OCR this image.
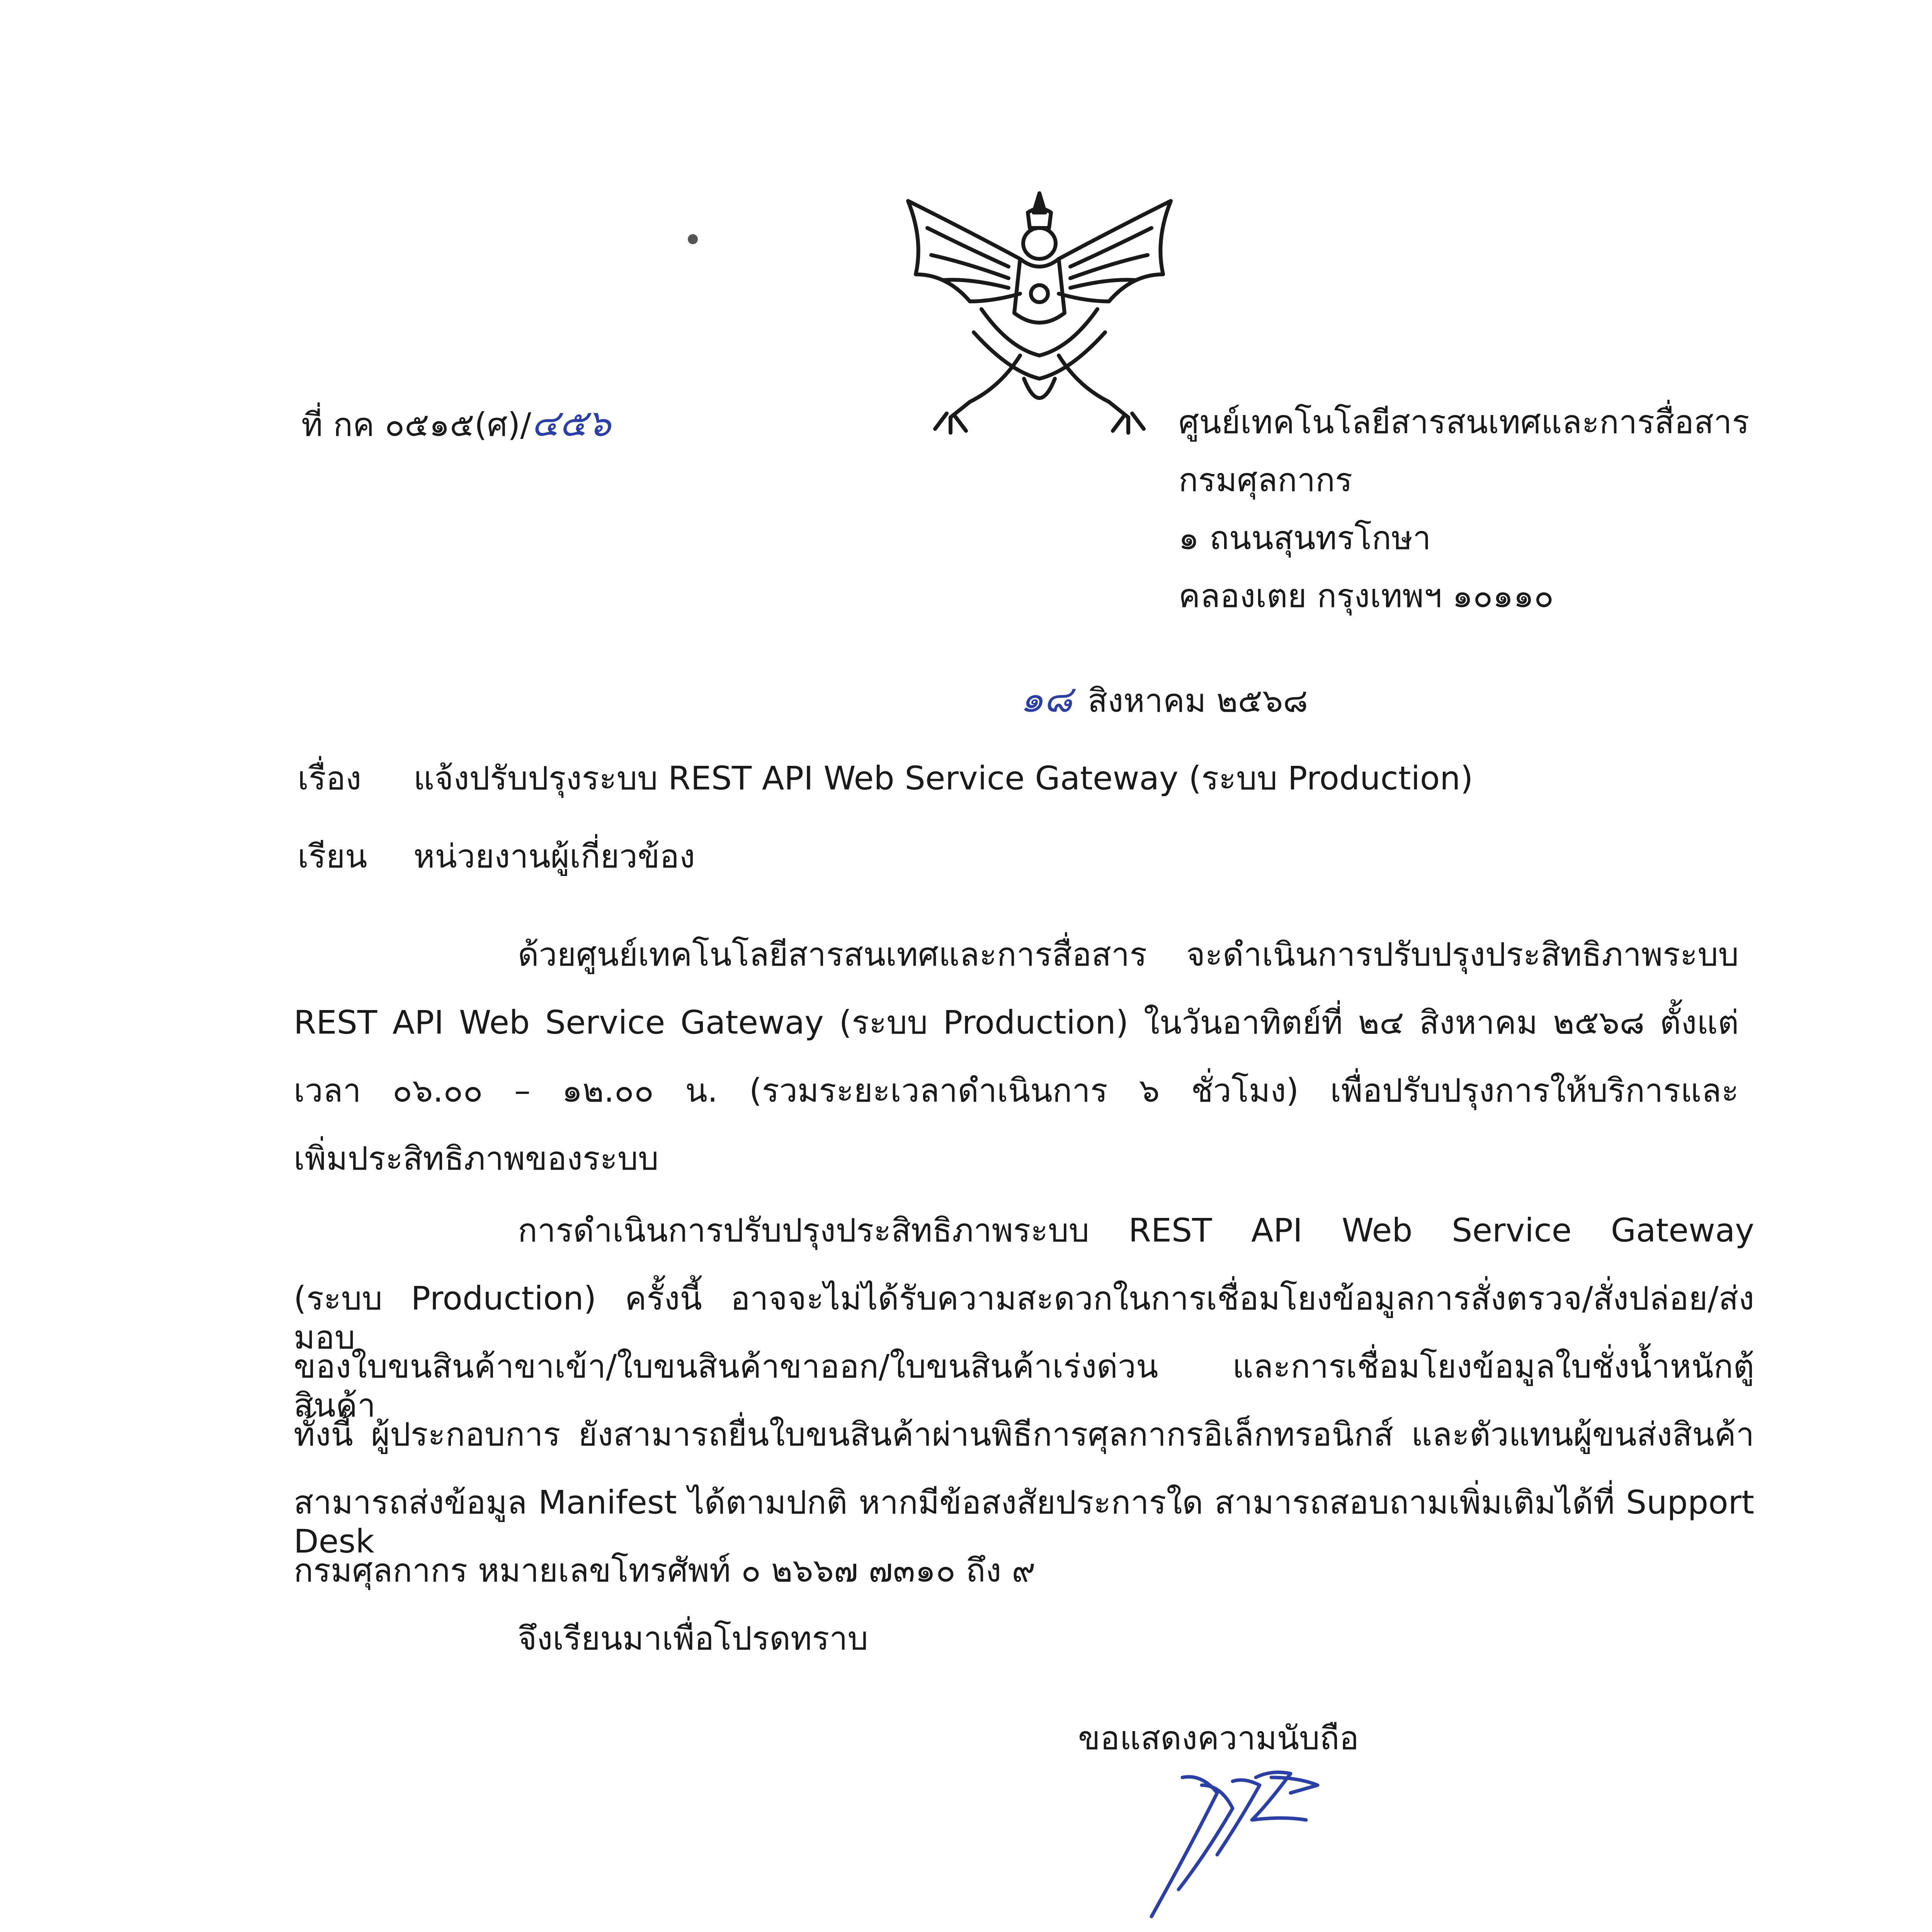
ที่ กค ๐๕๑๕(ศ)/๔๕๖	ศูนย์เทคโนโลยีสารสนเทศและการสื่อสาร
กรมศุลกากร
๑ ถนนสุนทรโกษา
คลองเตย กรุงเทพฯ ๑๐๑๑๐
๑๘ สิงหาคม ๒๕๖๘
เรื่อง แจ้งปรับปรุงระบบ REST API Web Service Gateway (ระบบ Production)
เรียน หน่วยงานผู้เกี่ยวข้อง
ด้วยศูนย์เทคโนโลยีสารสนเทศและการสื่อสาร จะดำเนินการปรับปรุงประสิทธิภาพระบบ
REST API Web Service Gateway (ระบบ Production) ในวันอาทิตย์ที่ ๒๔ สิงหาคม ๒๕๖๘ ตั้งแต่
เวลา ๐๖.๐๐ – ๑๒.๐๐ น. (รวมระยะเวลาดำเนินการ ๖ ชั่วโมง) เพื่อปรับปรุงการให้บริการและ
เพิ่มประสิทธิภาพของระบบ
การดำเนินการปรับปรุงประสิทธิภาพระบบ REST API Web Service Gateway
(ระบบ Production) ครั้งนี้ อาจจะไม่ได้รับความสะดวกในการเชื่อมโยงข้อมูลการสั่งตรวจ/สั่งปล่อย/ส่งมอบ
ของใบขนสินค้าขาเข้า/ใบขนสินค้าขาออก/ใบขนสินค้าเร่งด่วน และการเชื่อมโยงข้อมูลใบชั่งน้ำหนักตู้สินค้า
ทั้งนี้ ผู้ประกอบการ ยังสามารถยื่นใบขนสินค้าผ่านพิธีการศุลกากรอิเล็กทรอนิกส์ และตัวแทนผู้ขนส่งสินค้า
สามารถส่งข้อมูล Manifest ได้ตามปกติ หากมีข้อสงสัยประการใด สามารถสอบถามเพิ่มเติมได้ที่ Support Desk
กรมศุลกากร หมายเลขโทรศัพท์ ๐ ๒๖๖๗ ๗๓๑๐ ถึง ๙
จึงเรียนมาเพื่อโปรดทราบ
ขอแสดงความนับถือ
